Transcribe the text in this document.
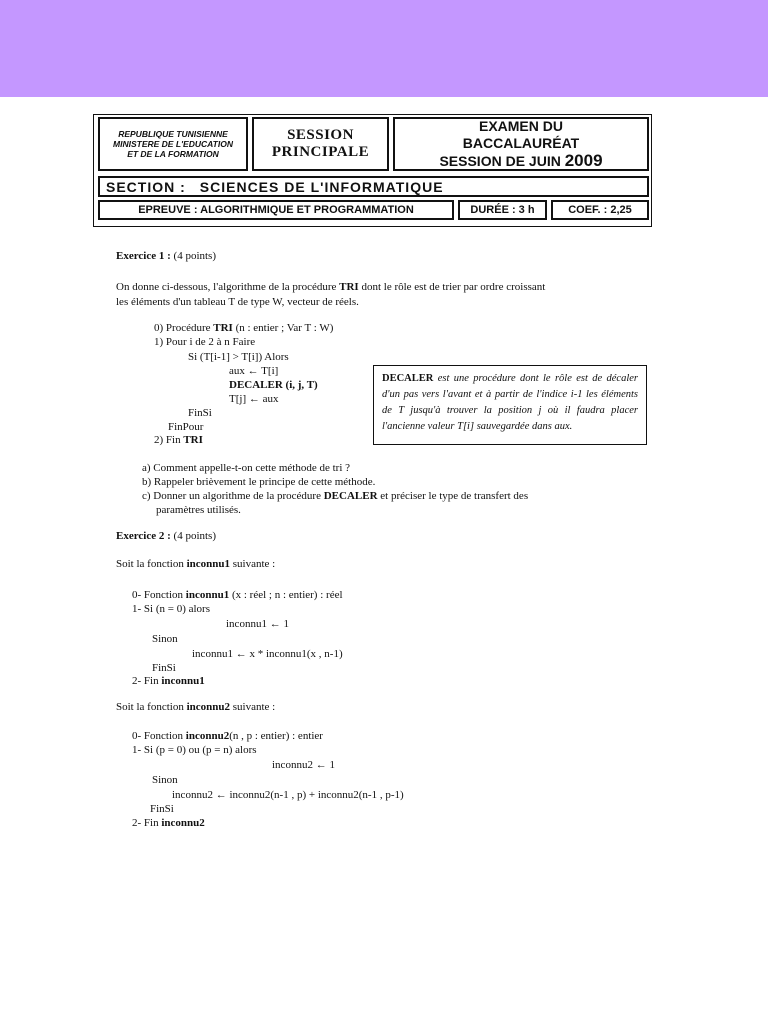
REPUBLIQUE TUNISIENNE
MINISTERE DE L'EDUCATION
ET DE LA FORMATION
SESSION
PRINCIPALE
EXAMEN DU
BACCALAURÉAT
SESSION DE JUIN 2009
SECTION : SCIENCES DE L'INFORMATIQUE
EPREUVE : ALGORITHMIQUE ET PROGRAMMATION	DURÉE : 3 h	COEF. : 2,25
Exercice 1 : (4 points)
On donne ci-dessous, l'algorithme de la procédure TRI dont le rôle est de trier par ordre croissant
les éléments d'un tableau T de type W, vecteur de réels.
0) Procédure TRI (n : entier ; Var T : W)
1) Pour i de 2 à n Faire
Si (T[i-1] > T[i]) Alors
aux ← T[i]
DECALER (i, j, T)
T[j] ← aux
FinSi
FinPour
2) Fin TRI
DECALER est une procédure dont le rôle est de décaler d'un pas vers l'avant et à partir de l'indice i-1 les éléments de T jusqu'à trouver la position j où il faudra placer l'ancienne valeur T[i] sauvegardée dans aux.
a) Comment appelle-t-on cette méthode de tri ?
b) Rappeler brièvement le principe de cette méthode.
c) Donner un algorithme de la procédure DECALER et préciser le type de transfert des
paramètres utilisés.
Exercice 2 : (4 points)
Soit la fonction inconnu1 suivante :
0- Fonction inconnu1 (x : réel ; n : entier) : réel
1- Si (n = 0) alors
inconnu1 ← 1
Sinon
inconnu1 ← x * inconnu1(x , n-1)
FinSi
2- Fin inconnu1
Soit la fonction inconnu2 suivante :
0- Fonction inconnu2(n , p : entier) : entier
1- Si (p = 0) ou (p = n) alors
inconnu2 ← 1
Sinon
inconnu2 ← inconnu2(n-1 , p) + inconnu2(n-1 , p-1)
FinSi
2- Fin inconnu2
